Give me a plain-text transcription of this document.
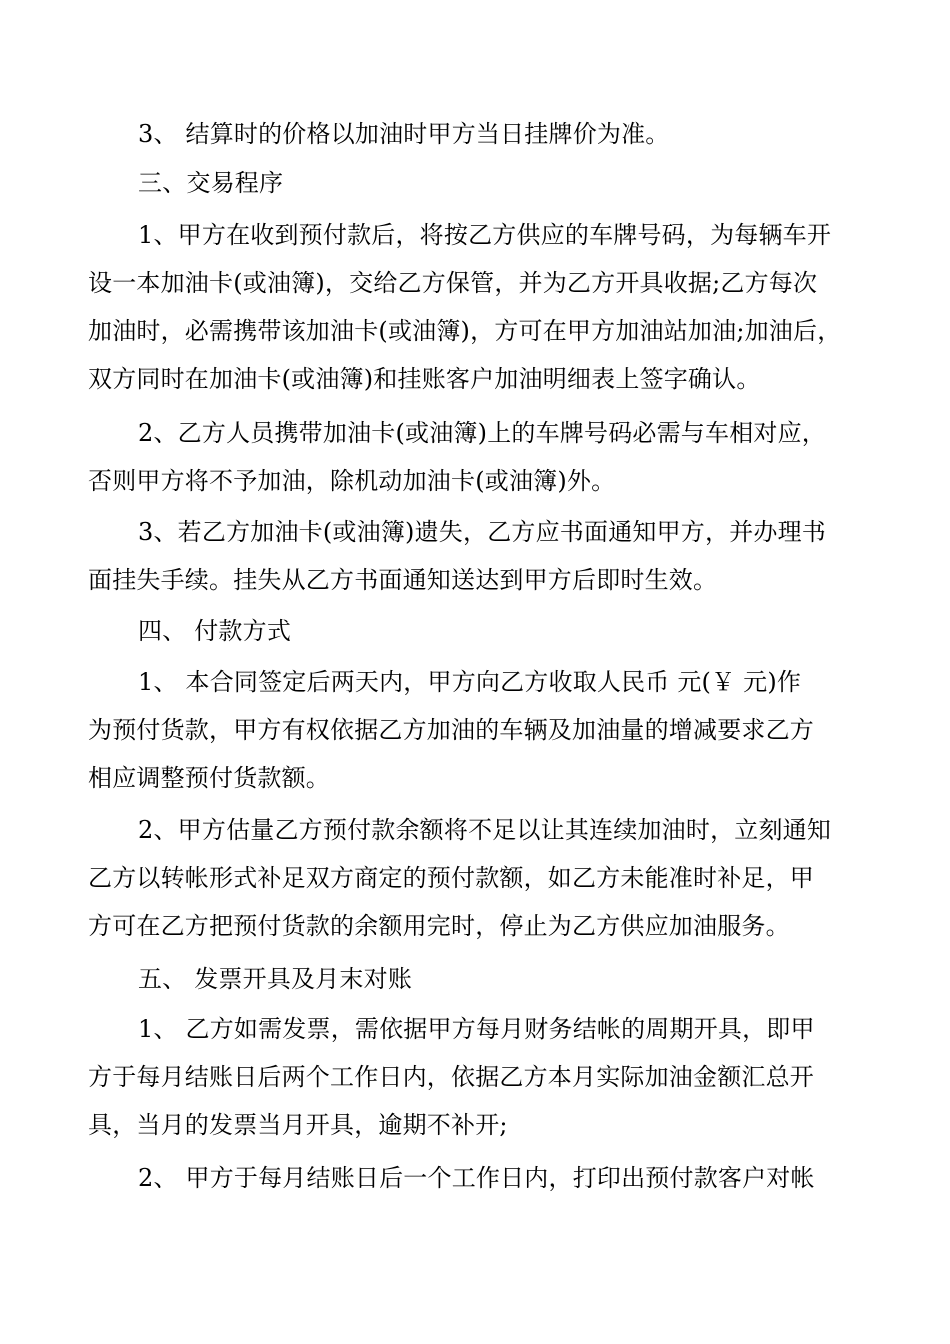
3、 结算时的价格以加油时甲方当日挂牌价为准。
三、交易程序
1、甲方在收到预付款后，将按乙方供应的车牌号码，为每辆车开
设一本加油卡(或油簿)，交给乙方保管，并为乙方开具收据;乙方每次
加油时，必需携带该加油卡(或油簿)，方可在甲方加油站加油;加油后，
双方同时在加油卡(或油簿)和挂账客户加油明细表上签字确认。
2、乙方人员携带加油卡(或油簿)上的车牌号码必需与车相对应，
否则甲方将不予加油，除机动加油卡(或油簿)外。
3、若乙方加油卡(或油簿)遗失，乙方应书面通知甲方，并办理书
面挂失手续。挂失从乙方书面通知送达到甲方后即时生效。
四、 付款方式
1、 本合同签定后两天内，甲方向乙方收取人民币 元(￥ 元)作
为预付货款，甲方有权依据乙方加油的车辆及加油量的增减要求乙方
相应调整预付货款额。
2、甲方估量乙方预付款余额将不足以让其连续加油时，立刻通知
乙方以转帐形式补足双方商定的预付款额，如乙方未能准时补足，甲
方可在乙方把预付货款的余额用完时，停止为乙方供应加油服务。
五、 发票开具及月末对账
1、 乙方如需发票，需依据甲方每月财务结帐的周期开具，即甲
方于每月结账日后两个工作日内，依据乙方本月实际加油金额汇总开
具，当月的发票当月开具，逾期不补开;
2、 甲方于每月结账日后一个工作日内，打印出预付款客户对帐
